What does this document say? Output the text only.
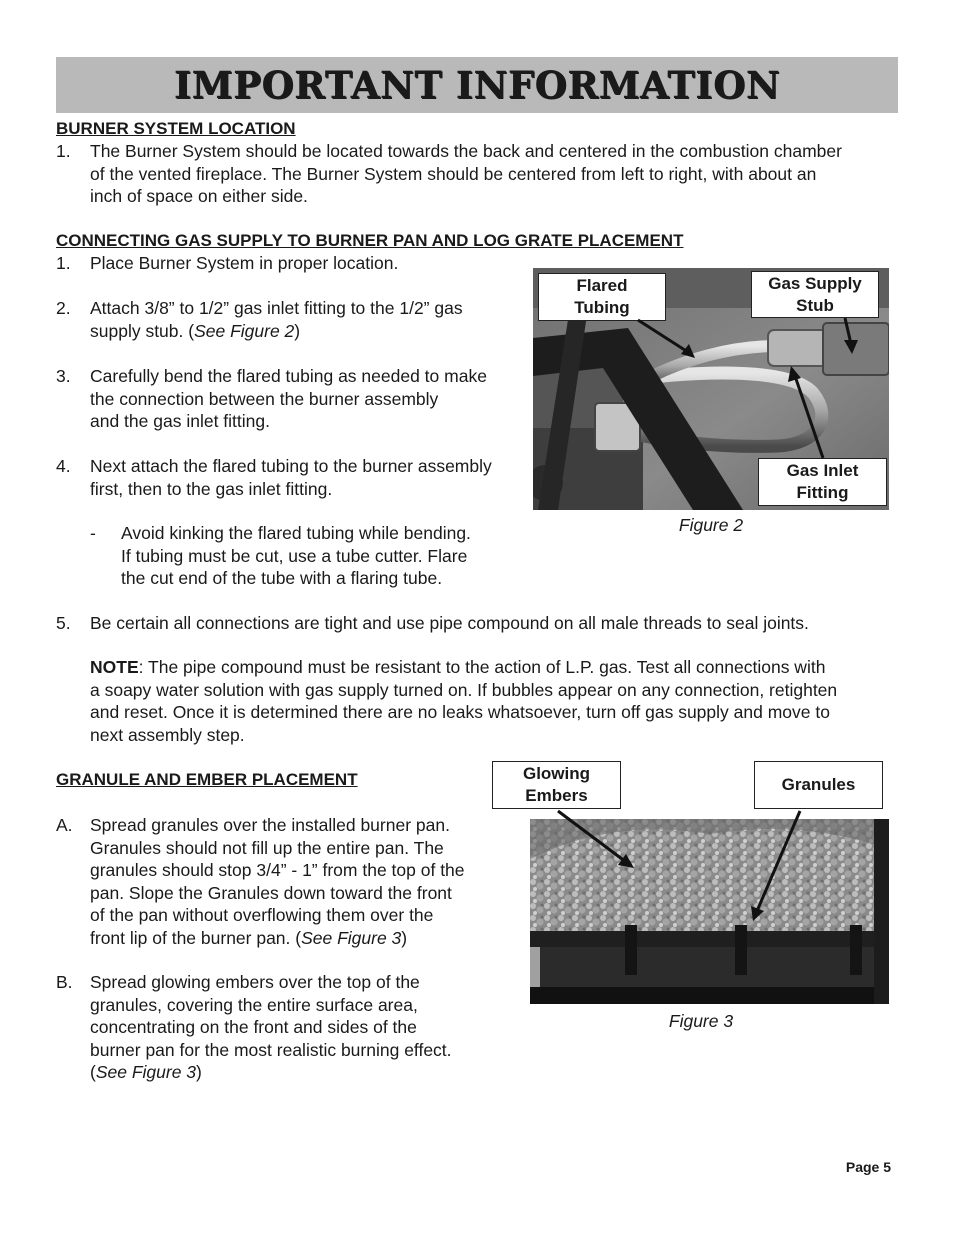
IMPORTANT INFORMATION
BURNER SYSTEM LOCATION
1. The Burner System should be located towards the back and centered in the combustion chamber
of the vented fireplace. The Burner System should be centered from left to right, with about an
inch of space on either side.
CONNECTING GAS SUPPLY TO BURNER PAN AND LOG GRATE PLACEMENT
1. Place Burner System in proper location.
2. Attach 3/8” to 1/2” gas inlet fitting to the 1/2” gas
supply stub. (See Figure 2)
3. Carefully bend the flared tubing as needed to make
the connection between the burner assembly
and the gas inlet fitting.
4. Next attach the flared tubing to the burner assembly
first, then to the gas inlet fitting.
- Avoid kinking the flared tubing while bending.
If tubing must be cut, use a tube cutter. Flare
the cut end of the tube with a flaring tube.
5. Be certain all connections are tight and use pipe compound on all male threads to seal joints.
NOTE: The pipe compound must be resistant to the action of L.P. gas. Test all connections with
a soapy water solution with gas supply turned on. If bubbles appear on any connection, retighten
and reset. Once it is determined there are no leaks whatsoever, turn off gas supply and move to
next assembly step.
Flared
Tubing
Gas Supply
Stub
Gas Inlet
Fitting
Figure 2
GRANULE AND EMBER PLACEMENT
A. Spread granules over the installed burner pan.
Granules should not fill up the entire pan. The
granules should stop 3/4” - 1” from the top of the
pan. Slope the Granules down toward the front
of the pan without overflowing them over the
front lip of the burner pan. (See Figure 3)
B. Spread glowing embers over the top of the
granules, covering the entire surface area,
concentrating on the front and sides of the
burner pan for the most realistic burning effect.
(See Figure 3)
Glowing
Embers
Granules
Figure 3
Page 5
